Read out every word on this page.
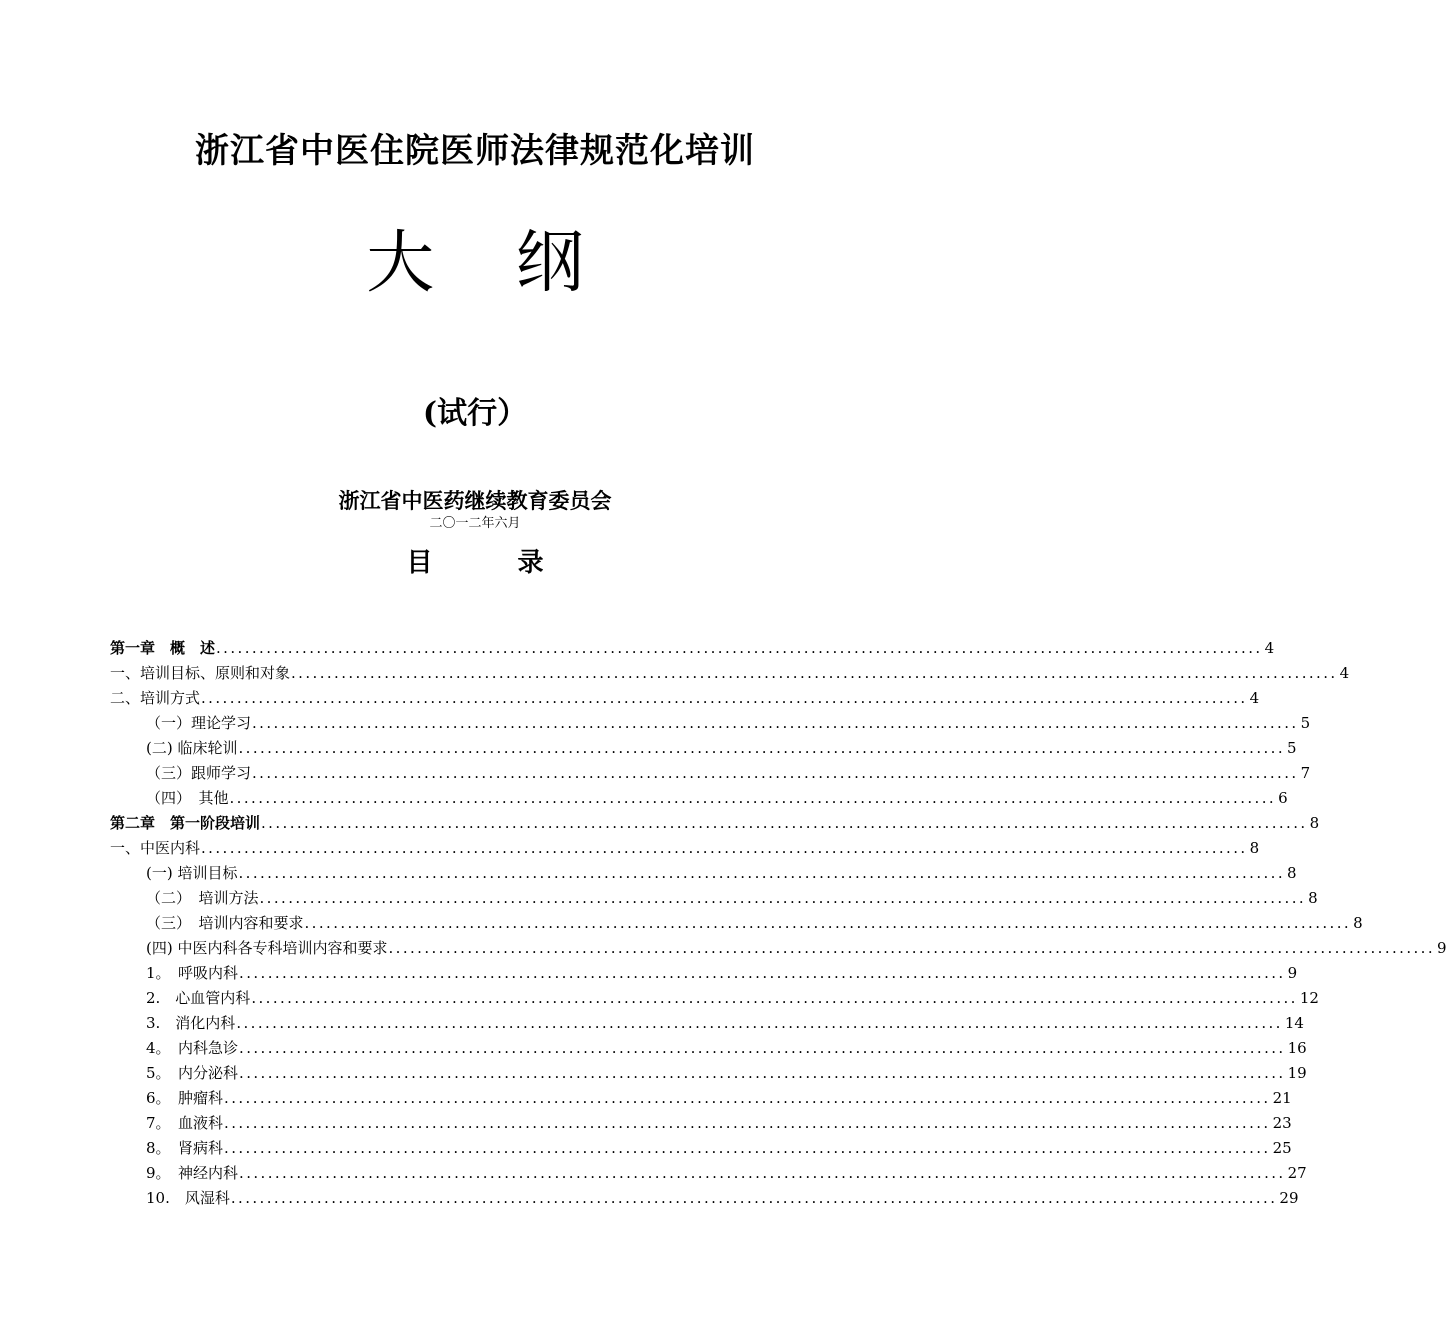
浙江省中医住院医师法律规范化培训
大 纲
(试行）
浙江省中医药继续教育委员会
二〇一二年六月
目 录
第一章　概　述 .................................................................................................................................................. 4
一、培训目标、原则和对象 .................................................................................................................................................. 4
二、培训方式 .................................................................................................................................................. 4
（一）理论学习 .................................................................................................................................................. 5
(二) 临床轮训 .................................................................................................................................................. 5
（三）跟师学习 .................................................................................................................................................. 7
（四）　其他 .................................................................................................................................................. 6
第二章　第一阶段培训 .................................................................................................................................................. 8
一、中医内科 .................................................................................................................................................. 8
(一) 培训目标 .................................................................................................................................................. 8
（二）　培训方法 .................................................................................................................................................. 8
（三）　培训内容和要求 .................................................................................................................................................. 8
(四) 中医内科各专科培训内容和要求 .................................................................................................................................................. 9
1。　呼吸内科 .................................................................................................................................................. 9
2.　心血管内科 .................................................................................................................................................. 12
3.　消化内科 .................................................................................................................................................. 14
4。　内科急诊 .................................................................................................................................................. 16
5。　内分泌科 .................................................................................................................................................. 19
6。　肿瘤科 .................................................................................................................................................. 21
7。　血液科 .................................................................................................................................................. 23
8。　肾病科 .................................................................................................................................................. 25
9。　神经内科 .................................................................................................................................................. 27
10.　风湿科 .................................................................................................................................................. 29
